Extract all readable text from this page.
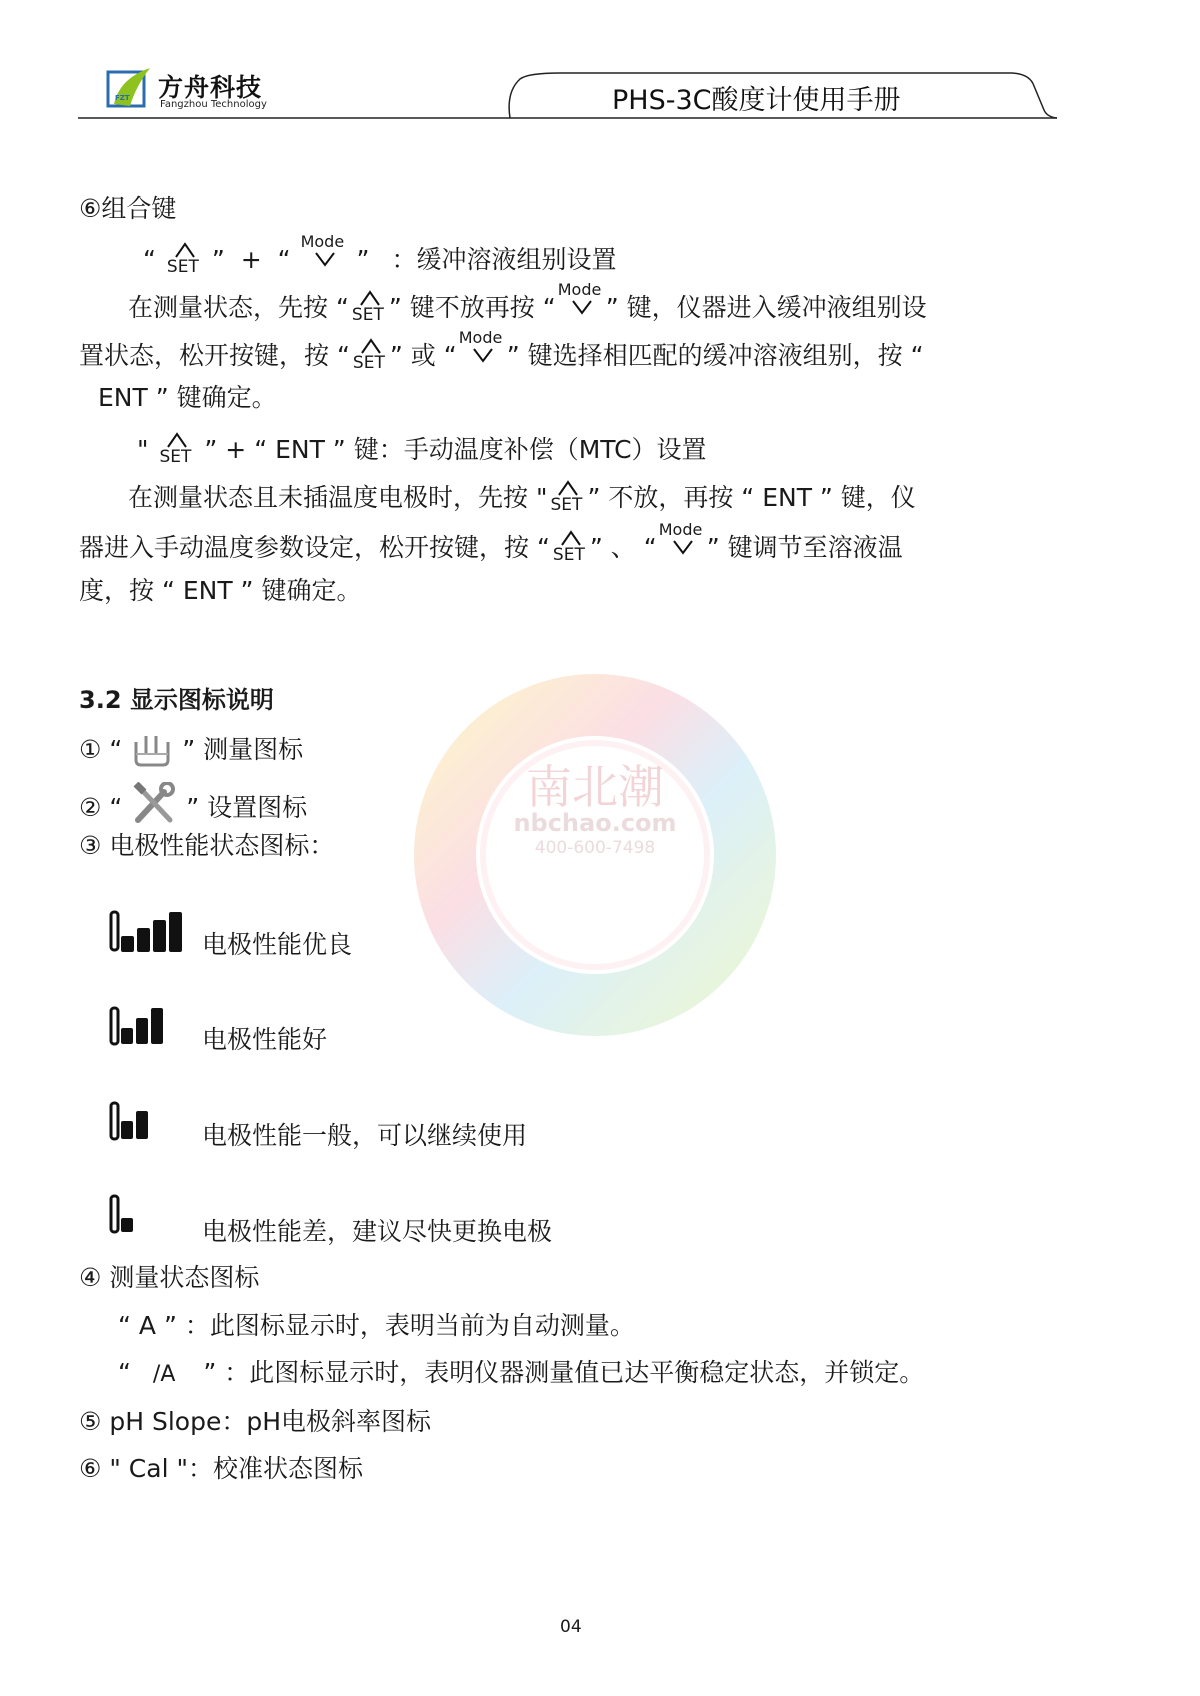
南北潮
nbchao.com
400-600-7498
FZT 方舟科技
Fangzhou Technology	PHS-3C酸度计使用手册
⑥组合键
“ SET ” + “
Mode
” ：缓冲溶液组别设置
在测量状态，先按 “ SET ” 键不放再按 “
Mode
” 键，仪器进入缓冲液组别设
置状态，松开按键，按 “ SET ” 或 “
Mode
” 键选择相匹配的缓冲溶液组别，按 “
ENT ” 键确定。
" SET ” + “ ENT ” 键：手动温度补偿（MTC）设置
在测量状态且未插温度电极时，先按 " SET ” 不放，再按 “ ENT ” 键，仪
器进入手动温度参数设定，松开按键，按 “ SET ” 、 “
Mode
” 键调节至溶液温
度，按 “ ENT ” 键确定。
3.2 显示图标说明
① “ ” 测量图标
② “	” 设置图标
③ 电极性能状态图标：
电极性能优良
电极性能好
电极性能一般，可以继续使用
电极性能差，建议尽快更换电极
④ 测量状态图标
“ A ” ：此图标显示时，表明当前为自动测量。
“ /A ” ：此图标显示时，表明仪器测量值已达平衡稳定状态，并锁定。
⑤ pH Slope：pH电极斜率图标
⑥ " Cal "：校准状态图标
04
